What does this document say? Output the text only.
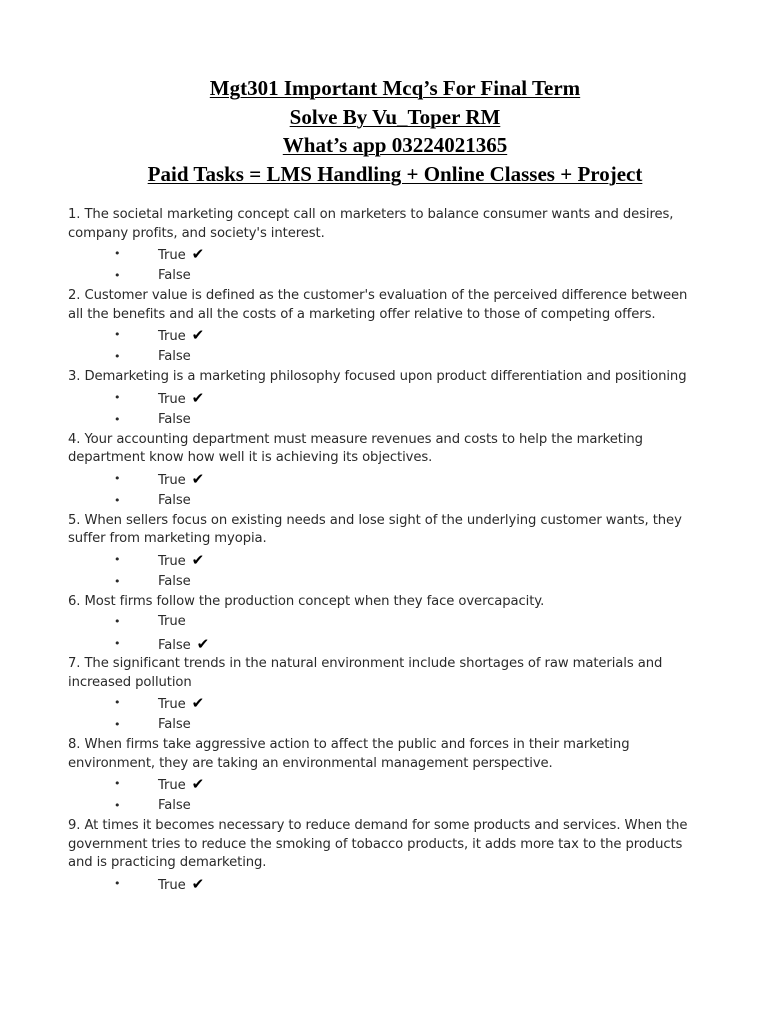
Mgt301 Important Mcq’s For Final Term
Solve By Vu_Toper RM
What’s app 03224021365
Paid Tasks = LMS Handling + Online Classes + Project
1. The societal marketing concept call on marketers to balance consumer wants and desires, company profits, and society's interest.
•	True ✔
•	False
2. Customer value is defined as the customer's evaluation of the perceived difference between all the benefits and all the costs of a marketing offer relative to those of competing offers.
•	True ✔
•	False
3. Demarketing is a marketing philosophy focused upon product differentiation and positioning
•	True ✔
•	False
4. Your accounting department must measure revenues and costs to help the marketing department know how well it is achieving its objectives.
•	True ✔
•	False
5. When sellers focus on existing needs and lose sight of the underlying customer wants, they suffer from marketing myopia.
•	True ✔
•	False
6. Most firms follow the production concept when they face overcapacity.
•	True
•	False ✔
7. The significant trends in the natural environment include shortages of raw materials and increased pollution
•	True ✔
•	False
8. When firms take aggressive action to affect the public and forces in their marketing environment, they are taking an environmental management perspective.
•	True ✔
•	False
9. At times it becomes necessary to reduce demand for some products and services. When the government tries to reduce the smoking of tobacco products, it adds more tax to the products and is practicing demarketing.
•	True ✔
